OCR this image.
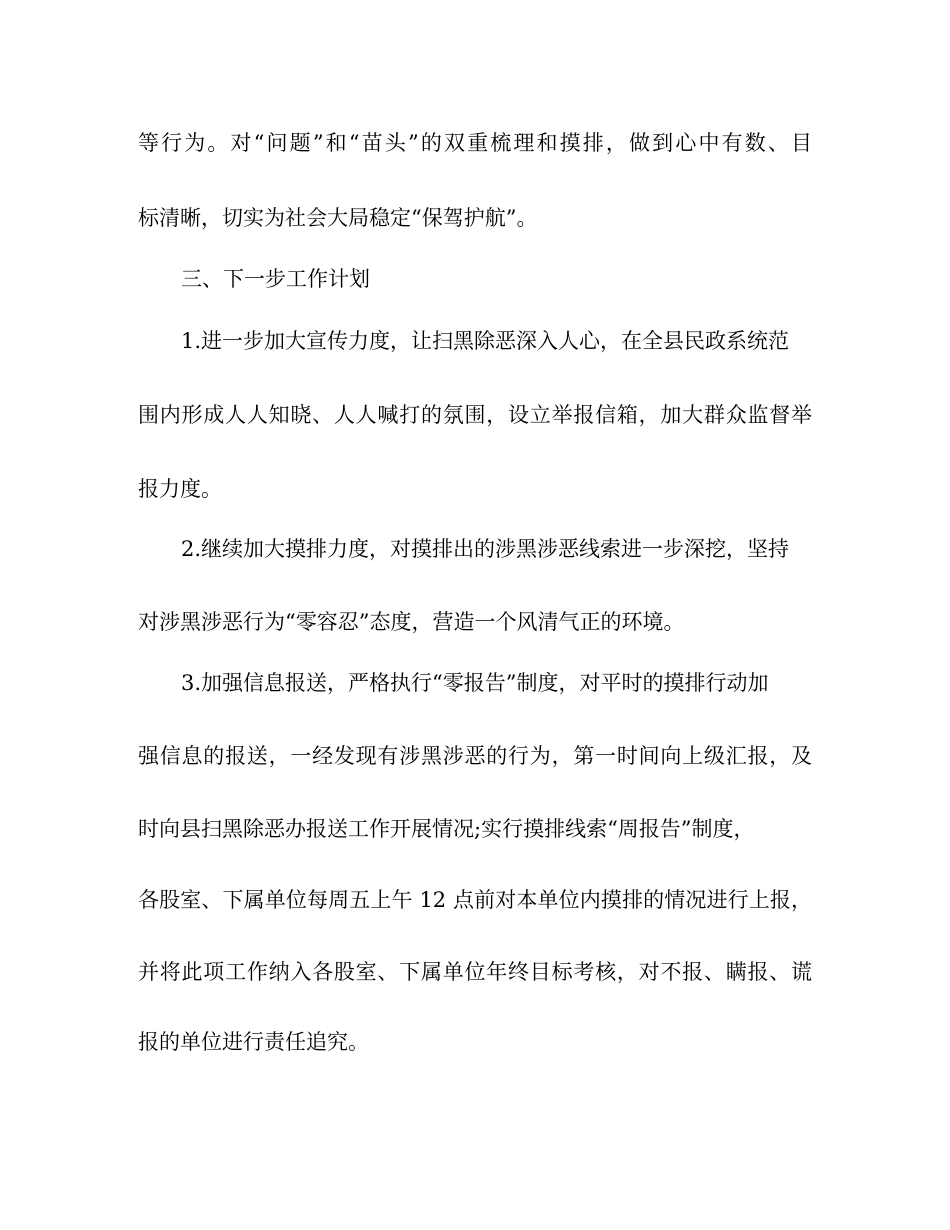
等行为。对“问题”和“苗头”的双重梳理和摸排，做到心中有数、目

标清晰，切实为社会大局稳定“保驾护航”。

三、下一步工作计划

1.进一步加大宣传力度，让扫黑除恶深入人心，在全县民政系统范

围内形成人人知晓、人人喊打的氛围，设立举报信箱，加大群众监督举

报力度。

2.继续加大摸排力度，对摸排出的涉黑涉恶线索进一步深挖，坚持

对涉黑涉恶行为“零容忍”态度，营造一个风清气正的环境。

3.加强信息报送，严格执行“零报告”制度，对平时的摸排行动加

强信息的报送，一经发现有涉黑涉恶的行为，第一时间向上级汇报，及

时向县扫黑除恶办报送工作开展情况;实行摸排线索“周报告”制度，

各股室、下属单位每周五上午 12 点前对本单位内摸排的情况进行上报，

并将此项工作纳入各股室、下属单位年终目标考核，对不报、瞒报、谎

报的单位进行责任追究。
